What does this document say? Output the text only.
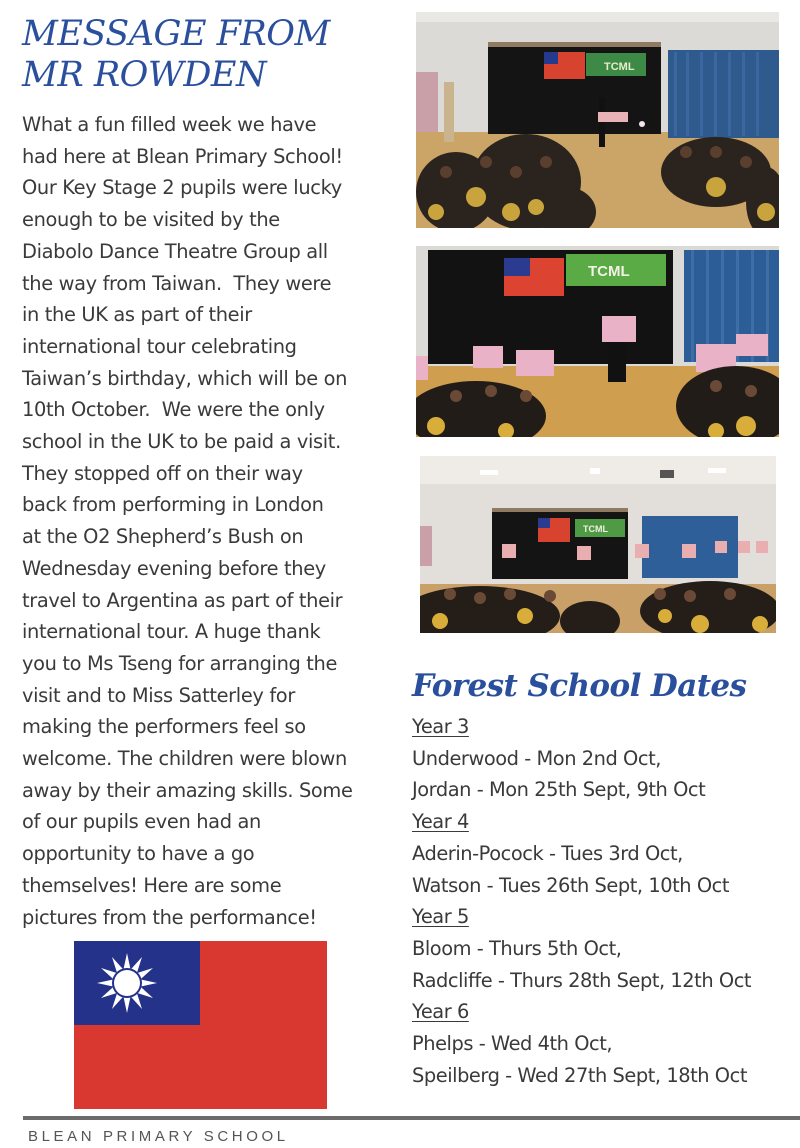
MESSAGE FROM
MR ROWDEN
What a fun filled week we have
had here at Blean Primary School!
Our Key Stage 2 pupils were lucky
enough to be visited by the
Diabolo Dance Theatre Group all
the way from Taiwan.  They were
in the UK as part of their
international tour celebrating
Taiwan’s birthday, which will be on
10th October.  We were the only
school in the UK to be paid a visit.
They stopped off on their way
back from performing in London
at the O2 Shepherd’s Bush on
Wednesday evening before they
travel to Argentina as part of their
international tour. A huge thank
you to Ms Tseng for arranging the
visit and to Miss Satterley for
making the performers feel so
welcome. The children were blown
away by their amazing skills. Some
of our pupils even had an
opportunity to have a go
themselves! Here are some
pictures from the performance!
TCML
TCML
TCML
Forest School Dates
Year 3
Underwood - Mon 2nd Oct,
Jordan - Mon 25th Sept, 9th Oct
Year 4
Aderin-Pocock - Tues 3rd Oct,
Watson - Tues 26th Sept, 10th Oct
Year 5
Bloom - Thurs 5th Oct,
Radcliffe - Thurs 28th Sept, 12th Oct
Year 6
Phelps - Wed 4th Oct,
Speilberg - Wed 27th Sept, 18th Oct
BLEAN PRIMARY SCHOOL
